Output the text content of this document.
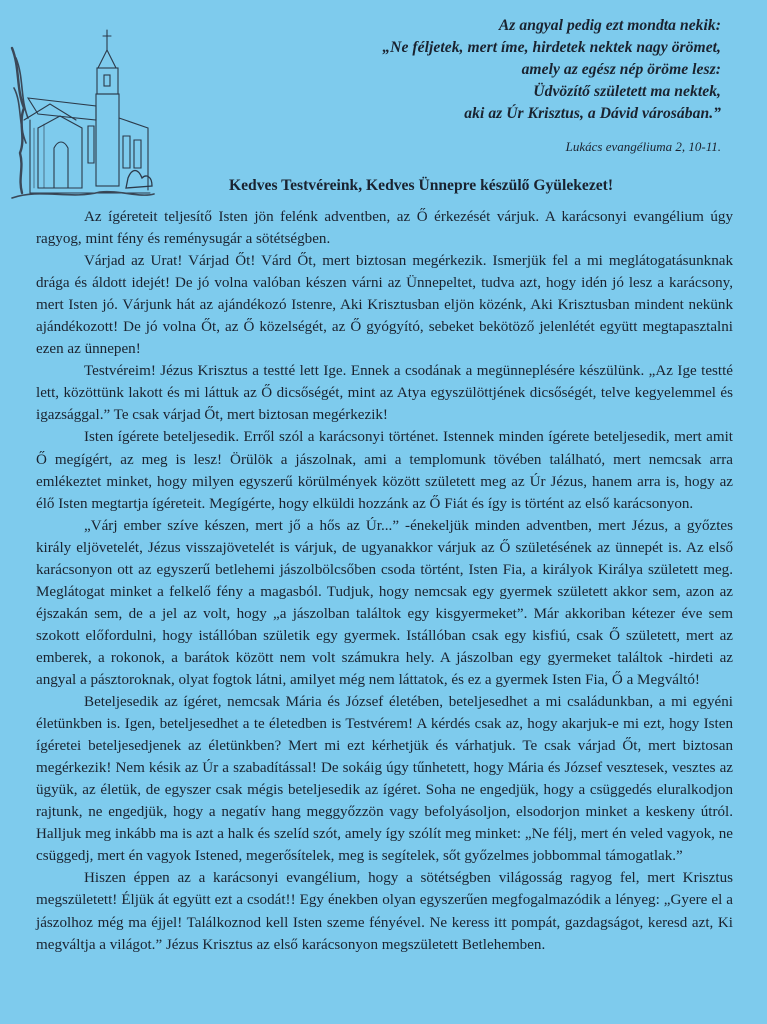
Az angyal pedig ezt mondta nekik:
„Ne féljetek, mert íme, hirdetek nektek nagy örömet,
amely az egész nép öröme lesz:
Üdvözítő született ma nektek,
aki az Úr Krisztus, a Dávid városában.”
Lukács evangéliuma 2, 10-11.
Kedves Testvéreink, Kedves Ünnepre készülő Gyülekezet!

Az ígéreteit teljesítő Isten jön felénk adventben, az Ő érkezését várjuk. A karácsonyi evangélium úgy ragyog, mint fény és reménysugár a sötétségben.

Várjad az Urat! Várjad Őt! Várd Őt, mert biztosan megérkezik. Ismerjük fel a mi meglátogatásunknak drága és áldott idejét! De jó volna valóban készen várni az Ünnepeltet, tudva azt, hogy idén jó lesz a karácsony, mert Isten jó. Várjunk hát az ajándékozó Istenre, Aki Krisztusban eljön közénk, Aki Krisztusban mindent nekünk ajándékozott! De jó volna Őt, az Ő közelségét, az Ő gyógyító, sebeket bekötöző jelenlétét együtt megtapasztalni ezen az ünnepen!

Testvéreim! Jézus Krisztus a testté lett Ige. Ennek a csodának a megünneplésére készülünk. „Az Ige testté lett, közöttünk lakott és mi láttuk az Ő dicsőségét, mint az Atya egyszülöttjének dicsőségét, telve kegyelemmel és igazsággal.” Te csak várjad Őt, mert biztosan megérkezik!

Isten ígérete beteljesedik. Erről szól a karácsonyi történet. Istennek minden ígérete beteljesedik, mert amit Ő megígért, az meg is lesz! Örülök a jászolnak, ami a templomunk tövében található, mert nemcsak arra emlékeztet minket, hogy milyen egyszerű körülmények között született meg az Úr Jézus, hanem arra is, hogy az élő Isten megtartja ígéreteit. Megígérte, hogy elküldi hozzánk az Ő Fiát és így is történt az első karácsonyon.

„Várj ember szíve készen, mert jő a hős az Úr...” -énekeljük minden adventben, mert Jézus, a győztes király eljövetelét, Jézus visszajövetelét is várjuk, de ugyanakkor várjuk az Ő születésének az ünnepét is. Az első karácsonyon ott az egyszerű betlehemi jászolbölcsőben csoda történt, Isten Fia, a királyok Királya született meg. Meglátogat minket a felkelő fény a magasból. Tudjuk, hogy nemcsak egy gyermek született akkor sem, azon az éjszakán sem, de a jel az volt, hogy „a jászolban találtok egy kisgyermeket”. Már akkoriban kétezer éve sem szokott előfordulni, hogy istállóban születik egy gyermek. Istállóban csak egy kisfiú, csak Ő született, mert az emberek, a rokonok, a barátok között nem volt számukra hely. A jászolban egy gyermeket találtok -hirdeti az angyal a pásztoroknak, olyat fogtok látni, amilyet még nem láttatok, és ez a gyermek Isten Fia, Ő a Megváltó!

Beteljesedik az ígéret, nemcsak Mária és József életében, beteljesedhet a mi családunkban, a mi egyéni életünkben is. Igen, beteljesedhet a te életedben is Testvérem! A kérdés csak az, hogy akarjuk-e mi ezt, hogy Isten ígéretei beteljesedjenek az életünkben? Mert mi ezt kérhetjük és várhatjuk. Te csak várjad Őt, mert biztosan megérkezik! Nem késik az Úr a szabadítással! De sokáig úgy tűnhetett, hogy Mária és József vesztesek, vesztes az ügyük, az életük, de egyszer csak mégis beteljesedik az ígéret. Soha ne engedjük, hogy a csüggedés eluralkodjon rajtunk, ne engedjük, hogy a negatív hang meggyőzzön vagy befolyásoljon, elsodorjon minket a keskeny útról. Halljuk meg inkább ma is azt a halk és szelíd szót, amely így szólít meg minket: „Ne félj, mert én veled vagyok, ne csüggedj, mert én vagyok Istened, megerősítelek, meg is segítelek, sőt győzelmes jobbommal támogatlak.”

Hiszen éppen az a karácsonyi evangélium, hogy a sötétségben világosság ragyog fel, mert Krisztus megszületett! Éljük át együtt ezt a csodát!! Egy énekben olyan egyszerűen megfogalmazódik a lényeg: „Gyere el a jászolhoz még ma éjjel! Találkoznod kell Isten szeme fényével. Ne keress itt pompát, gazdagságot, keresd azt, Ki megváltja a világot.” Jézus Krisztus az első karácsonyon megszületett Betlehemben.
